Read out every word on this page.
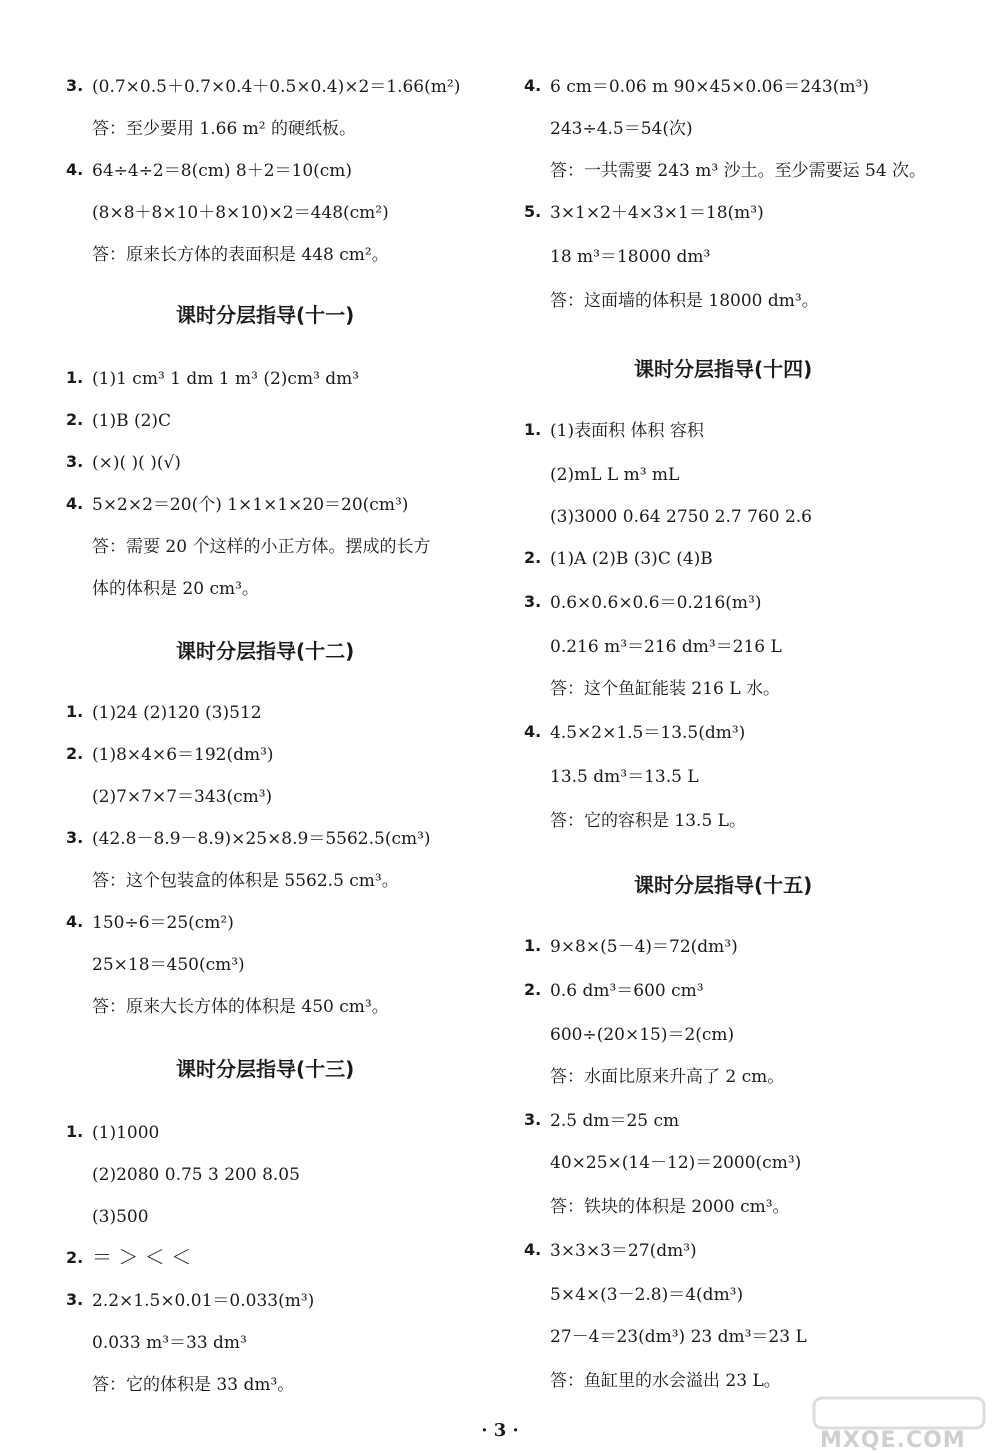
3. (0.7×0.5＋0.7×0.4＋0.5×0.4)×2＝1.66(m²)
答：至少要用 1.66 m² 的硬纸板。
4. 64÷4÷2＝8(cm) 8＋2＝10(cm)
(8×8＋8×10＋8×10)×2＝448(cm²)
答：原来长方体的表面积是 448 cm²。
课时分层指导(十一)
1. (1)1 cm³ 1 dm 1 m³ (2)cm³ dm³
2. (1)B (2)C
3. (×)( )( )(√)
4. 5×2×2＝20(个) 1×1×1×20＝20(cm³)
答：需要 20 个这样的小正方体。摆成的长方
体的体积是 20 cm³。
课时分层指导(十二)
1. (1)24 (2)120 (3)512
2. (1)8×4×6＝192(dm³)
(2)7×7×7＝343(cm³)
3. (42.8－8.9－8.9)×25×8.9＝5562.5(cm³)
答：这个包装盒的体积是 5562.5 cm³。
4. 150÷6＝25(cm²)
25×18＝450(cm³)
答：原来大长方体的体积是 450 cm³。
课时分层指导(十三)
1. (1)1000
(2)2080 0.75 3 200 8.05
(3)500
2. ＝ ＞ ＜ ＜
3. 2.2×1.5×0.01＝0.033(m³)
0.033 m³＝33 dm³
答：它的体积是 33 dm³。
4. 6 cm＝0.06 m 90×45×0.06＝243(m³)
243÷4.5＝54(次)
答：一共需要 243 m³ 沙土。至少需要运 54 次。
5. 3×1×2＋4×3×1＝18(m³)
18 m³＝18000 dm³
答：这面墙的体积是 18000 dm³。
课时分层指导(十四)
1. (1)表面积 体积 容积
(2)mL L m³ mL
(3)3000 0.64 2750 2.7 760 2.6
2. (1)A (2)B (3)C (4)B
3. 0.6×0.6×0.6＝0.216(m³)
0.216 m³＝216 dm³＝216 L
答：这个鱼缸能装 216 L 水。
4. 4.5×2×1.5＝13.5(dm³)
13.5 dm³＝13.5 L
答：它的容积是 13.5 L。
课时分层指导(十五)
1. 9×8×(5－4)＝72(dm³)
2. 0.6 dm³＝600 cm³
600÷(20×15)＝2(cm)
答：水面比原来升高了 2 cm。
3. 2.5 dm＝25 cm
40×25×(14－12)＝2000(cm³)
答：铁块的体积是 2000 cm³。
4. 3×3×3＝27(dm³)
5×4×(3－2.8)＝4(dm³)
27－4＝23(dm³) 23 dm³＝23 L
答：鱼缸里的水会溢出 23 L。
· 3 ·	MXQE.COM
